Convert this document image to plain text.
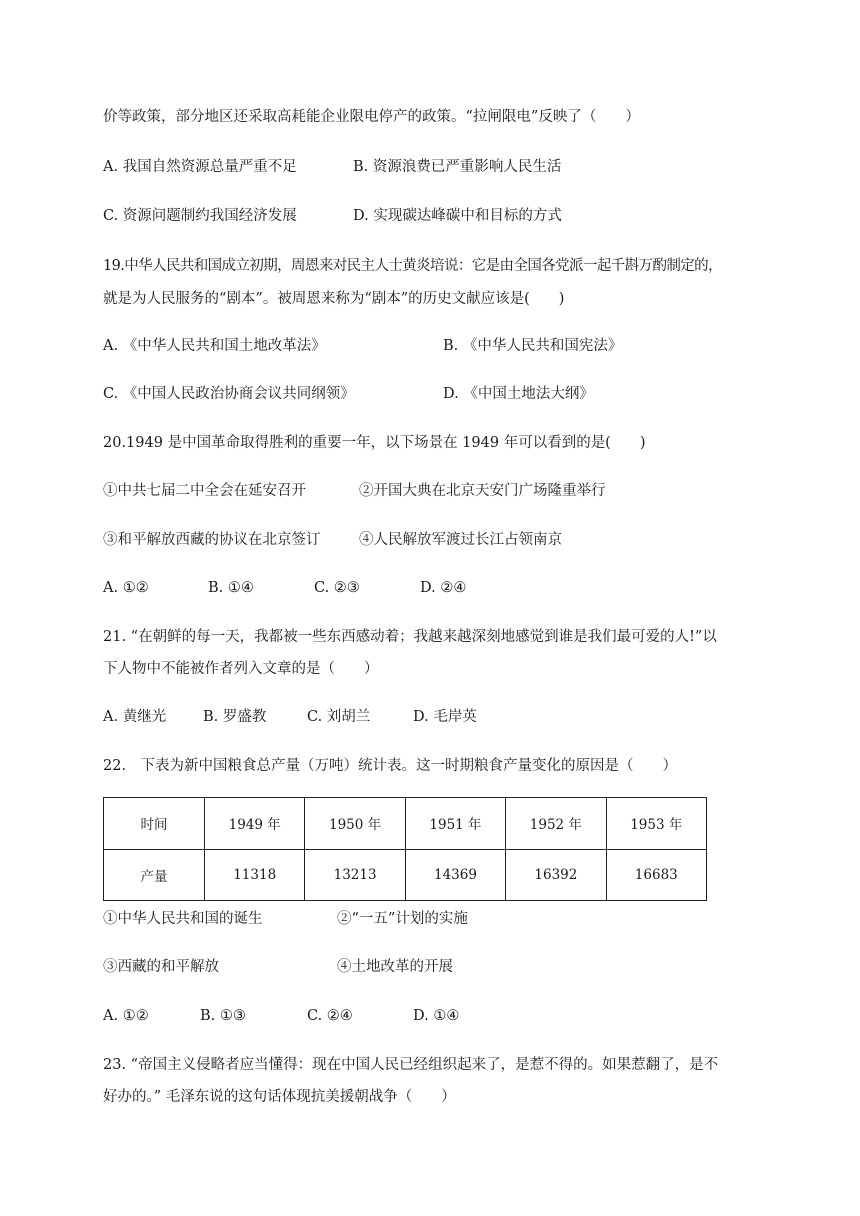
价等政策，部分地区还采取高耗能企业限电停产的政策。“拉闸限电”反映了（　　）
A. 我国自然资源总量严重不足	B. 资源浪费已严重影响人民生活
C. 资源问题制约我国经济发展	D. 实现碳达峰碳中和目标的方式
19.中华人民共和国成立初期，周恩来对民主人士黄炎培说：它是由全国各党派一起千斟万酌制定的，
就是为人民服务的“剧本”。被周恩来称为“剧本”的历史文献应该是(　　)
A. 《中华人民共和国土地改革法》	B. 《中华人民共和国宪法》
C. 《中国人民政治协商会议共同纲领》	D. 《中国土地法大纲》
20.1949 是中国革命取得胜利的重要一年，以下场景在 1949 年可以看到的是(　　)
①中共七届二中全会在延安召开	②开国大典在北京天安门广场隆重举行
③和平解放西藏的协议在北京签订	④人民解放军渡过长江占领南京
A. ①②	B. ①④	C. ②③	D. ②④
21. “在朝鲜的每一天，我都被一些东西感动着；我越来越深刻地感觉到谁是我们最可爱的人!”以
下人物中不能被作者列入文章的是（　　）
A. 黄继光	B. 罗盛教	C. 刘胡兰	D. 毛岸英
22.　下表为新中国粮食总产量（万吨）统计表。这一时期粮食产量变化的原因是（　　）
时间	1949 年	1950 年	1951 年	1952 年	1953 年
产量	11318	13213	14369	16392	16683
①中华人民共和国的诞生	②“一五”计划的实施
③西藏的和平解放	④土地改革的开展
A. ①②	B. ①③	C. ②④	D. ①④
23. “帝国主义侵略者应当懂得：现在中国人民已经组织起来了，是惹不得的。如果惹翻了，是不
好办的。” 毛泽东说的这句话体现抗美援朝战争（　　）
